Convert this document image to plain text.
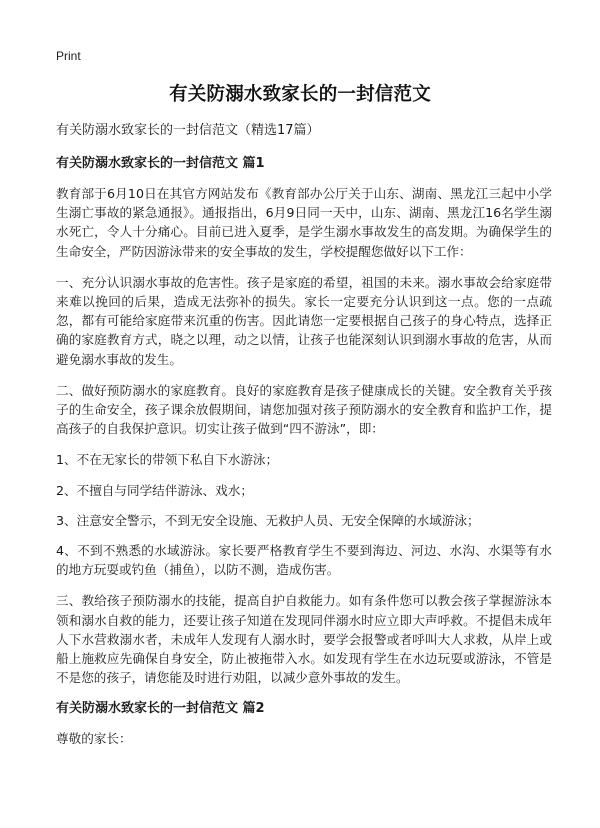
Print
有关防溺水致家长的一封信范文
有关防溺水致家长的一封信范文（精选17篇）
有关防溺水致家长的一封信范文 篇1
教育部于6月10日在其官方网站发布《教育部办公厅关于山东、湖南、黑龙江三起中小学生溺亡事故的紧急通报》。通报指出，6月9日同一天中，山东、湖南、黑龙江16名学生溺水死亡，令人十分痛心。目前已进入夏季，是学生溺水事故发生的高发期。为确保学生的生命安全，严防因游泳带来的安全事故的发生，学校提醒您做好以下工作：
一、充分认识溺水事故的危害性。孩子是家庭的希望，祖国的未来。溺水事故会给家庭带来难以挽回的后果，造成无法弥补的损失。家长一定要充分认识到这一点。您的一点疏忽，都有可能给家庭带来沉重的伤害。因此请您一定要根据自己孩子的身心特点，选择正确的家庭教育方式，晓之以理，动之以情，让孩子也能深刻认识到溺水事故的危害，从而避免溺水事故的发生。
二、做好预防溺水的家庭教育。良好的家庭教育是孩子健康成长的关键。安全教育关乎孩子的生命安全，孩子课余放假期间，请您加强对孩子预防溺水的安全教育和监护工作，提高孩子的自我保护意识。切实让孩子做到“四不游泳”，即：
1、不在无家长的带领下私自下水游泳；
2、不擅自与同学结伴游泳、戏水；
3、注意安全警示，不到无安全设施、无救护人员、无安全保障的水域游泳；
4、不到不熟悉的水域游泳。家长要严格教育学生不要到海边、河边、水沟、水渠等有水的地方玩耍或钓鱼（捕鱼），以防不测，造成伤害。
三、教给孩子预防溺水的技能，提高自护自救能力。如有条件您可以教会孩子掌握游泳本领和溺水自救的能力，还要让孩子知道在发现同伴溺水时应立即大声呼救。不提倡未成年人下水营救溺水者，未成年人发现有人溺水时，要学会报警或者呼叫大人求救，从岸上或船上施救应先确保自身安全，防止被拖带入水。如发现有学生在水边玩耍或游泳，不管是不是您的孩子，请您能及时进行劝阻，以减少意外事故的发生。
有关防溺水致家长的一封信范文 篇2
尊敬的家长：
